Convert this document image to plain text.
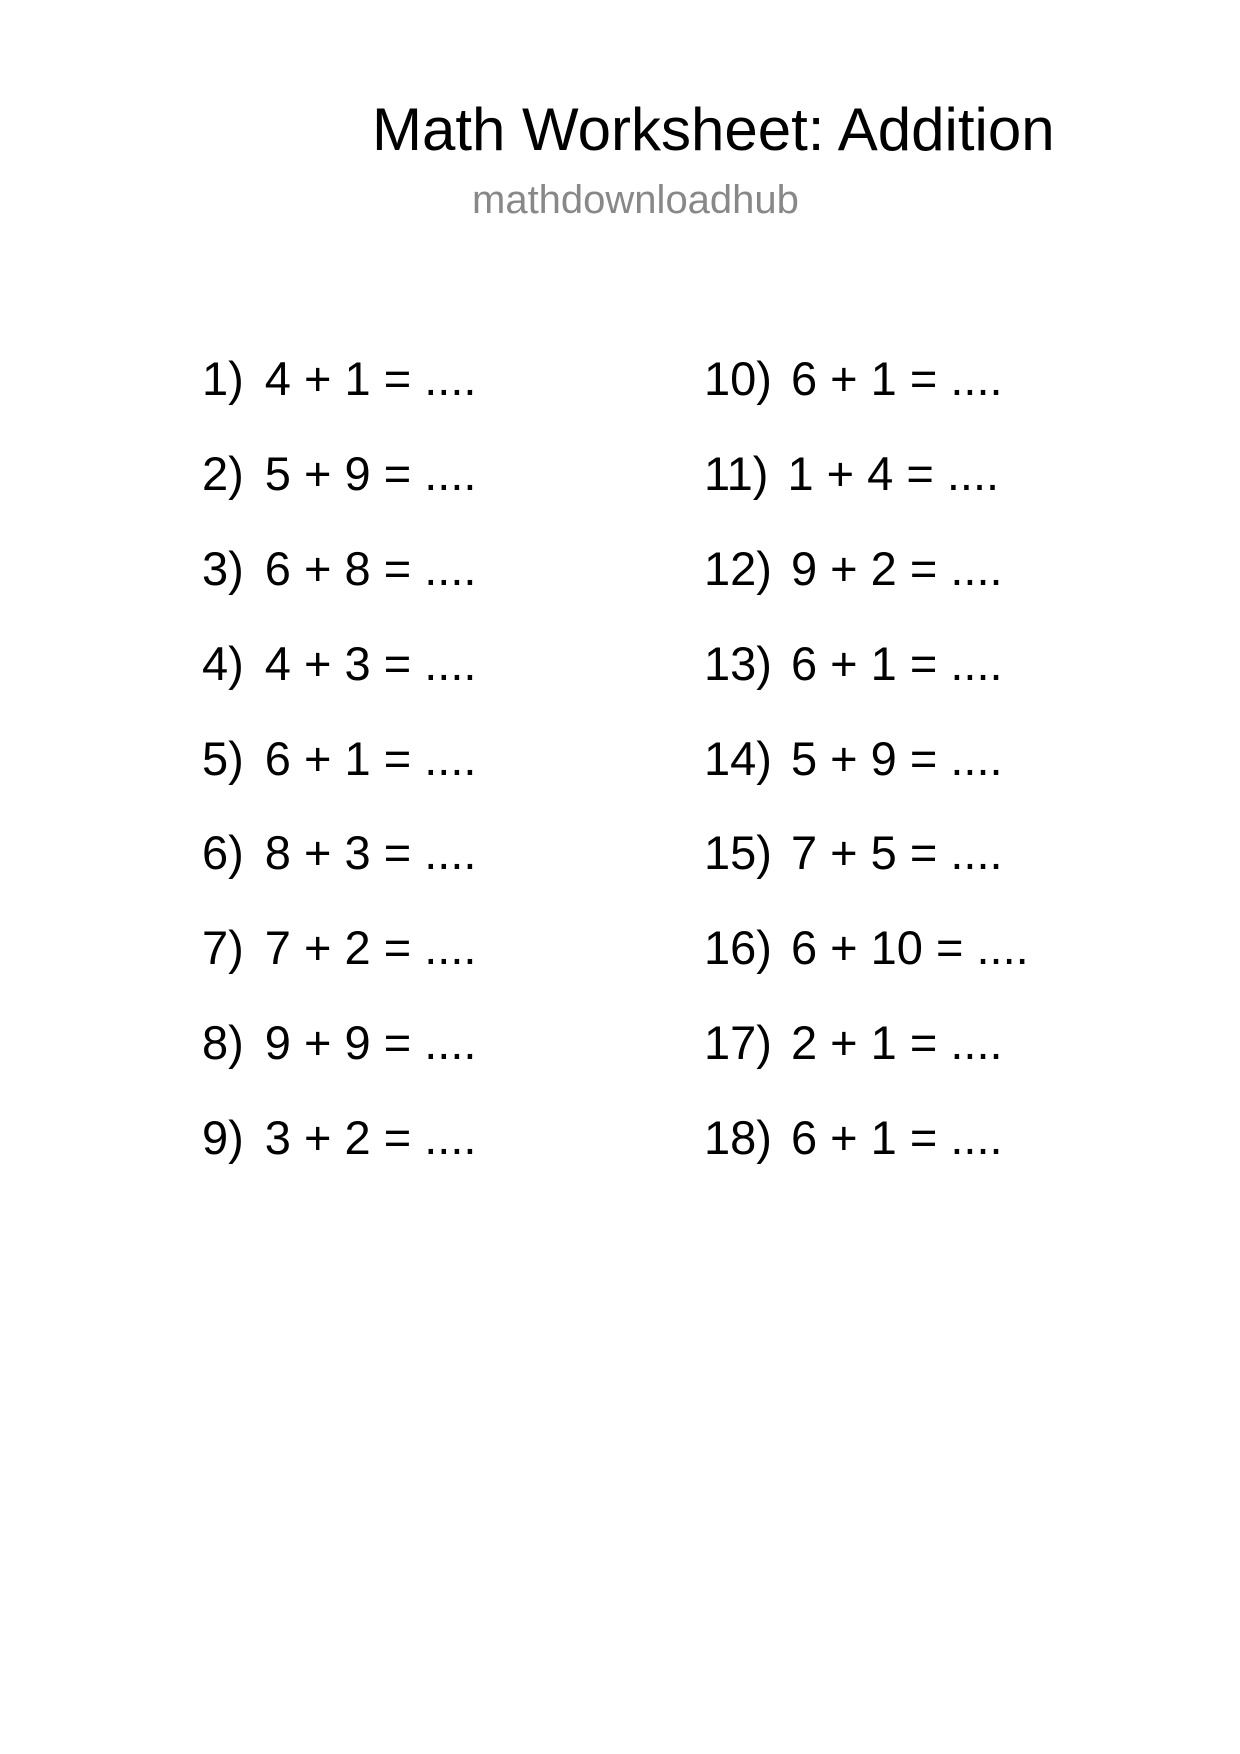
Math Worksheet: Addition
mathdownloadhub
1) 4 + 1 = ....
2) 5 + 9 = ....
3) 6 + 8 = ....
4) 4 + 3 = ....
5) 6 + 1 = ....
6) 8 + 3 = ....
7) 7 + 2 = ....
8) 9 + 9 = ....
9) 3 + 2 = ....
10) 6 + 1 = ....
11) 1 + 4 = ....
12) 9 + 2 = ....
13) 6 + 1 = ....
14) 5 + 9 = ....
15) 7 + 5 = ....
16) 6 + 10 = ....
17) 2 + 1 = ....
18) 6 + 1 = ....
